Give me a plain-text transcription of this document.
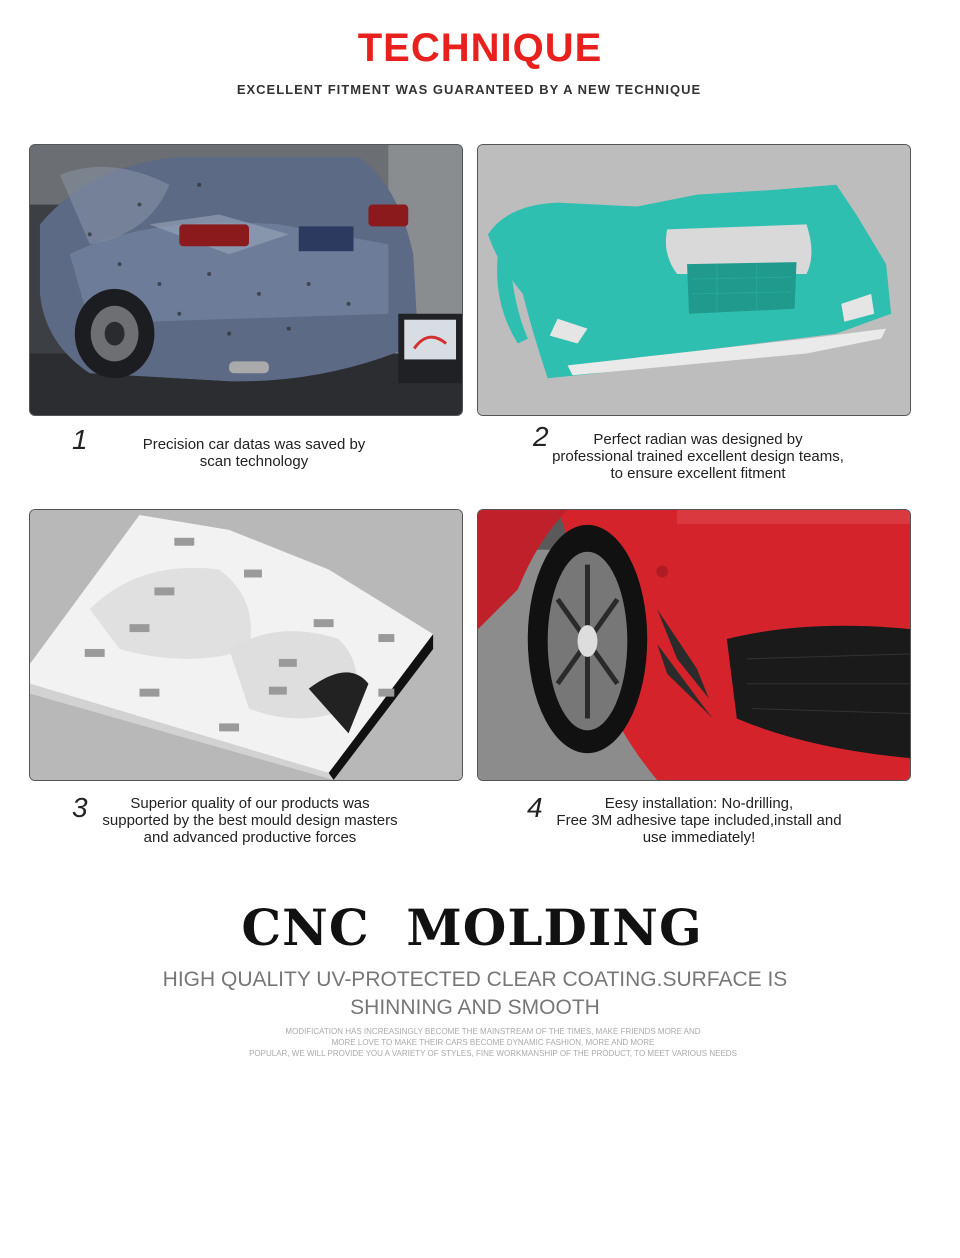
TECHNIQUE

EXCELLENT FITMENT WAS GUARANTEED BY A NEW TECHNIQUE

1	Precision car datas was saved by
scan technology
2	Perfect radian was designed by
professional trained excellent design teams,
to ensure excellent fitment
3	Superior quality of our products was
supported by the best mould design masters
and advanced productive forces
4	Eesy installation: No-drilling,
Free 3M adhesive tape included,install and
use immediately!
CNC  MOLDING

HIGH QUALITY UV-PROTECTED CLEAR COATING.SURFACE IS
SHINNING AND SMOOTH

MODIFICATION HAS INCREASINGLY BECOME THE MAINSTREAM OF THE TIMES, MAKE FRIENDS MORE AND
MORE LOVE TO MAKE THEIR CARS BECOME DYNAMIC FASHION, MORE AND MORE
POPULAR, WE WILL PROVIDE YOU A VARIETY OF STYLES, FINE WORKMANSHIP OF THE PRODUCT, TO MEET VARIOUS NEEDS
